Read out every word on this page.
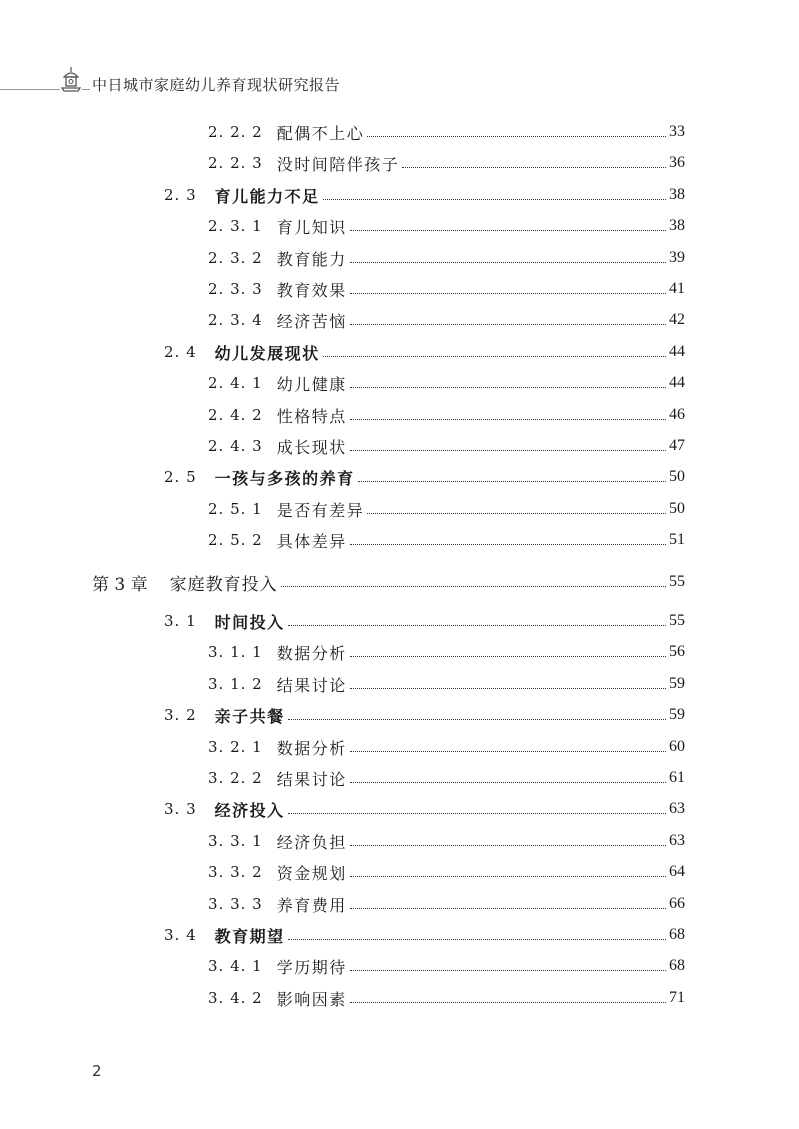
中日城市家庭幼儿养育现状研究报告
2. 2. 2 配偶不上心	33
2. 2. 3 没时间陪伴孩子	36
2. 3 育儿能力不足	38
2. 3. 1 育儿知识	38
2. 3. 2 教育能力	39
2. 3. 3 教育效果	41
2. 3. 4 经济苦恼	42
2. 4 幼儿发展现状	44
2. 4. 1 幼儿健康	44
2. 4. 2 性格特点	46
2. 4. 3 成长现状	47
2. 5 一孩与多孩的养育	50
2. 5. 1 是否有差异	50
2. 5. 2 具体差异	51
第 3 章 家庭教育投入	55
3. 1 时间投入	55
3. 1. 1 数据分析	56
3. 1. 2 结果讨论	59
3. 2 亲子共餐	59
3. 2. 1 数据分析	60
3. 2. 2 结果讨论	61
3. 3 经济投入	63
3. 3. 1 经济负担	63
3. 3. 2 资金规划	64
3. 3. 3 养育费用	66
3. 4 教育期望	68
3. 4. 1 学历期待	68
3. 4. 2 影响因素	71
2
